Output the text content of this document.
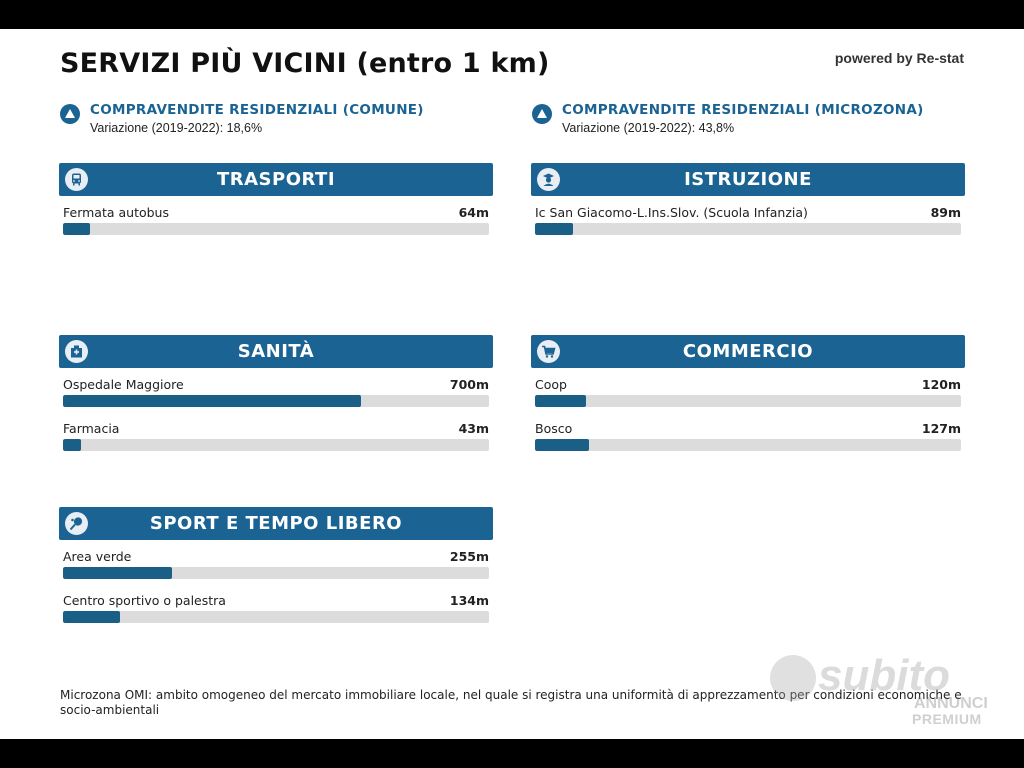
SERVIZI PIÙ VICINI (entro 1 km)	powered by Re-stat
COMPRAVENDITE RESIDENZIALI (COMUNE)
Variazione (2019-2022): 18,6%
COMPRAVENDITE RESIDENZIALI (MICROZONA)
Variazione (2019-2022): 43,8%
TRASPORTI
Fermata autobus	64m
ISTRUZIONE
Ic San Giacomo-L.Ins.Slov. (Scuola Infanzia)	89m
SANITÀ
Ospedale Maggiore	700m
Farmacia	43m
COMMERCIO
Coop	120m
Bosco	127m
SPORT E TEMPO LIBERO
Area verde	255m
Centro sportivo o palestra	134m
Microzona OMI: ambito omogeneo del mercato immobiliare locale, nel quale si registra una uniformità di apprezzamento per condizioni economiche e socio-ambientali
subito
ANNUNCI
PREMIUM
